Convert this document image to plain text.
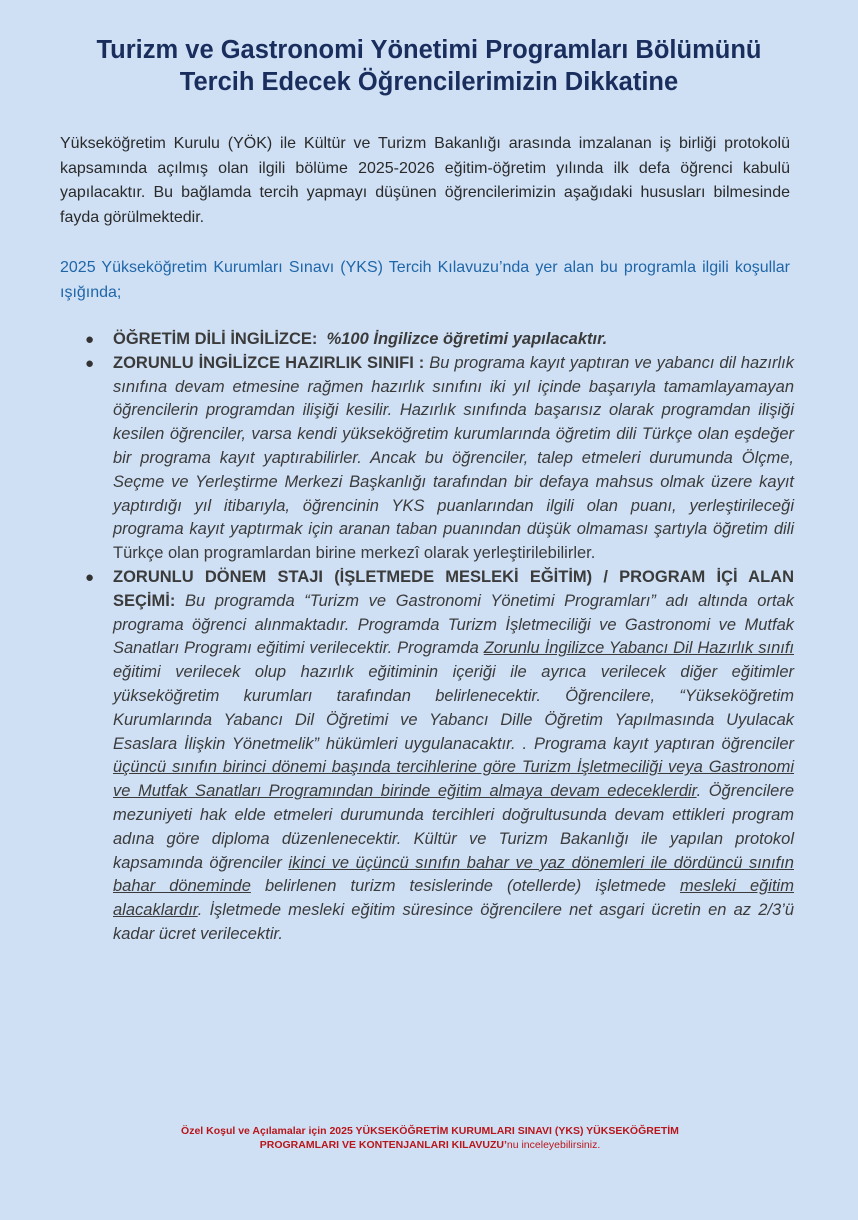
Turizm ve Gastronomi Yönetimi Programları Bölümünü
Tercih Edecek Öğrencilerimizin Dikkatine

Yükseköğretim Kurulu (YÖK) ile Kültür ve Turizm Bakanlığı arasında imzalanan iş birliği protokolü kapsamında açılmış olan ilgili bölüme 2025-2026 eğitim-öğretim yılında ilk defa öğrenci kabulü yapılacaktır. Bu bağlamda tercih yapmayı düşünen öğrencilerimizin aşağıdaki hususları bilmesinde fayda görülmektedir.

2025 Yükseköğretim Kurumları Sınavı (YKS) Tercih Kılavuzu’nda yer alan bu programla ilgili koşullar ışığında;

● ÖĞRETİM DİLİ İNGİLİZCE: %100 İngilizce öğretimi yapılacaktır.
● ZORUNLU İNGİLİZCE HAZIRLIK SINIFI : Bu programa kayıt yaptıran ve yabancı dil hazırlık sınıfına devam etmesine rağmen hazırlık sınıfını iki yıl içinde başarıyla tamamlayamayan öğrencilerin programdan ilişiği kesilir. Hazırlık sınıfında başarısız olarak programdan ilişiği kesilen öğrenciler, varsa kendi yükseköğretim kurumlarında öğretim dili Türkçe olan eşdeğer bir programa kayıt yaptırabilirler. Ancak bu öğrenciler, talep etmeleri durumunda Ölçme, Seçme ve Yerleştirme Merkezi Başkanlığı tarafından bir defaya mahsus olmak üzere kayıt yaptırdığı yıl itibarıyla, öğrencinin YKS puanlarından ilgili olan puanı, yerleştirileceği programa kayıt yaptırmak için aranan taban puanından düşük olmaması şartıyla öğretim dili Türkçe olan programlardan birine merkezî olarak yerleştirilebilirler.
● ZORUNLU DÖNEM STAJI (İŞLETMEDE MESLEKİ EĞİTİM) / PROGRAM İÇİ ALAN SEÇİMİ: Bu programda “Turizm ve Gastronomi Yönetimi Programları” adı altında ortak programa öğrenci alınmaktadır. Programda Turizm İşletmeciliği ve Gastronomi ve Mutfak Sanatları Programı eğitimi verilecektir. Programda Zorunlu İngilizce Yabancı Dil Hazırlık sınıfı eğitimi verilecek olup hazırlık eğitiminin içeriği ile ayrıca verilecek diğer eğitimler yükseköğretim kurumları tarafından belirlenecektir. Öğrencilere, “Yükseköğretim Kurumlarında Yabancı Dil Öğretimi ve Yabancı Dille Öğretim Yapılmasında Uyulacak Esaslara İlişkin Yönetmelik” hükümleri uygulanacaktır. . Programa kayıt yaptıran öğrenciler üçüncü sınıfın birinci dönemi başında tercihlerine göre Turizm İşletmeciliği veya Gastronomi ve Mutfak Sanatları Programından birinde eğitim almaya devam edeceklerdir. Öğrencilere mezuniyeti hak elde etmeleri durumunda tercihleri doğrultusunda devam ettikleri program adına göre diploma düzenlenecektir. Kültür ve Turizm Bakanlığı ile yapılan protokol kapsamında öğrenciler ikinci ve üçüncü sınıfın bahar ve yaz dönemleri ile dördüncü sınıfın bahar döneminde belirlenen turizm tesislerinde (otellerde) işletmede mesleki eğitim alacaklardır. İşletmede mesleki eğitim süresince öğrencilere net asgari ücretin en az 2/3’ü kadar ücret verilecektir.

Özel Koşul ve Açılamalar için 2025 YÜKSEKÖĞRETİM KURUMLARI SINAVI (YKS) YÜKSEKÖĞRETİM
PROGRAMLARI VE KONTENJANLARI KILAVUZU’nu inceleyebilirsiniz.
